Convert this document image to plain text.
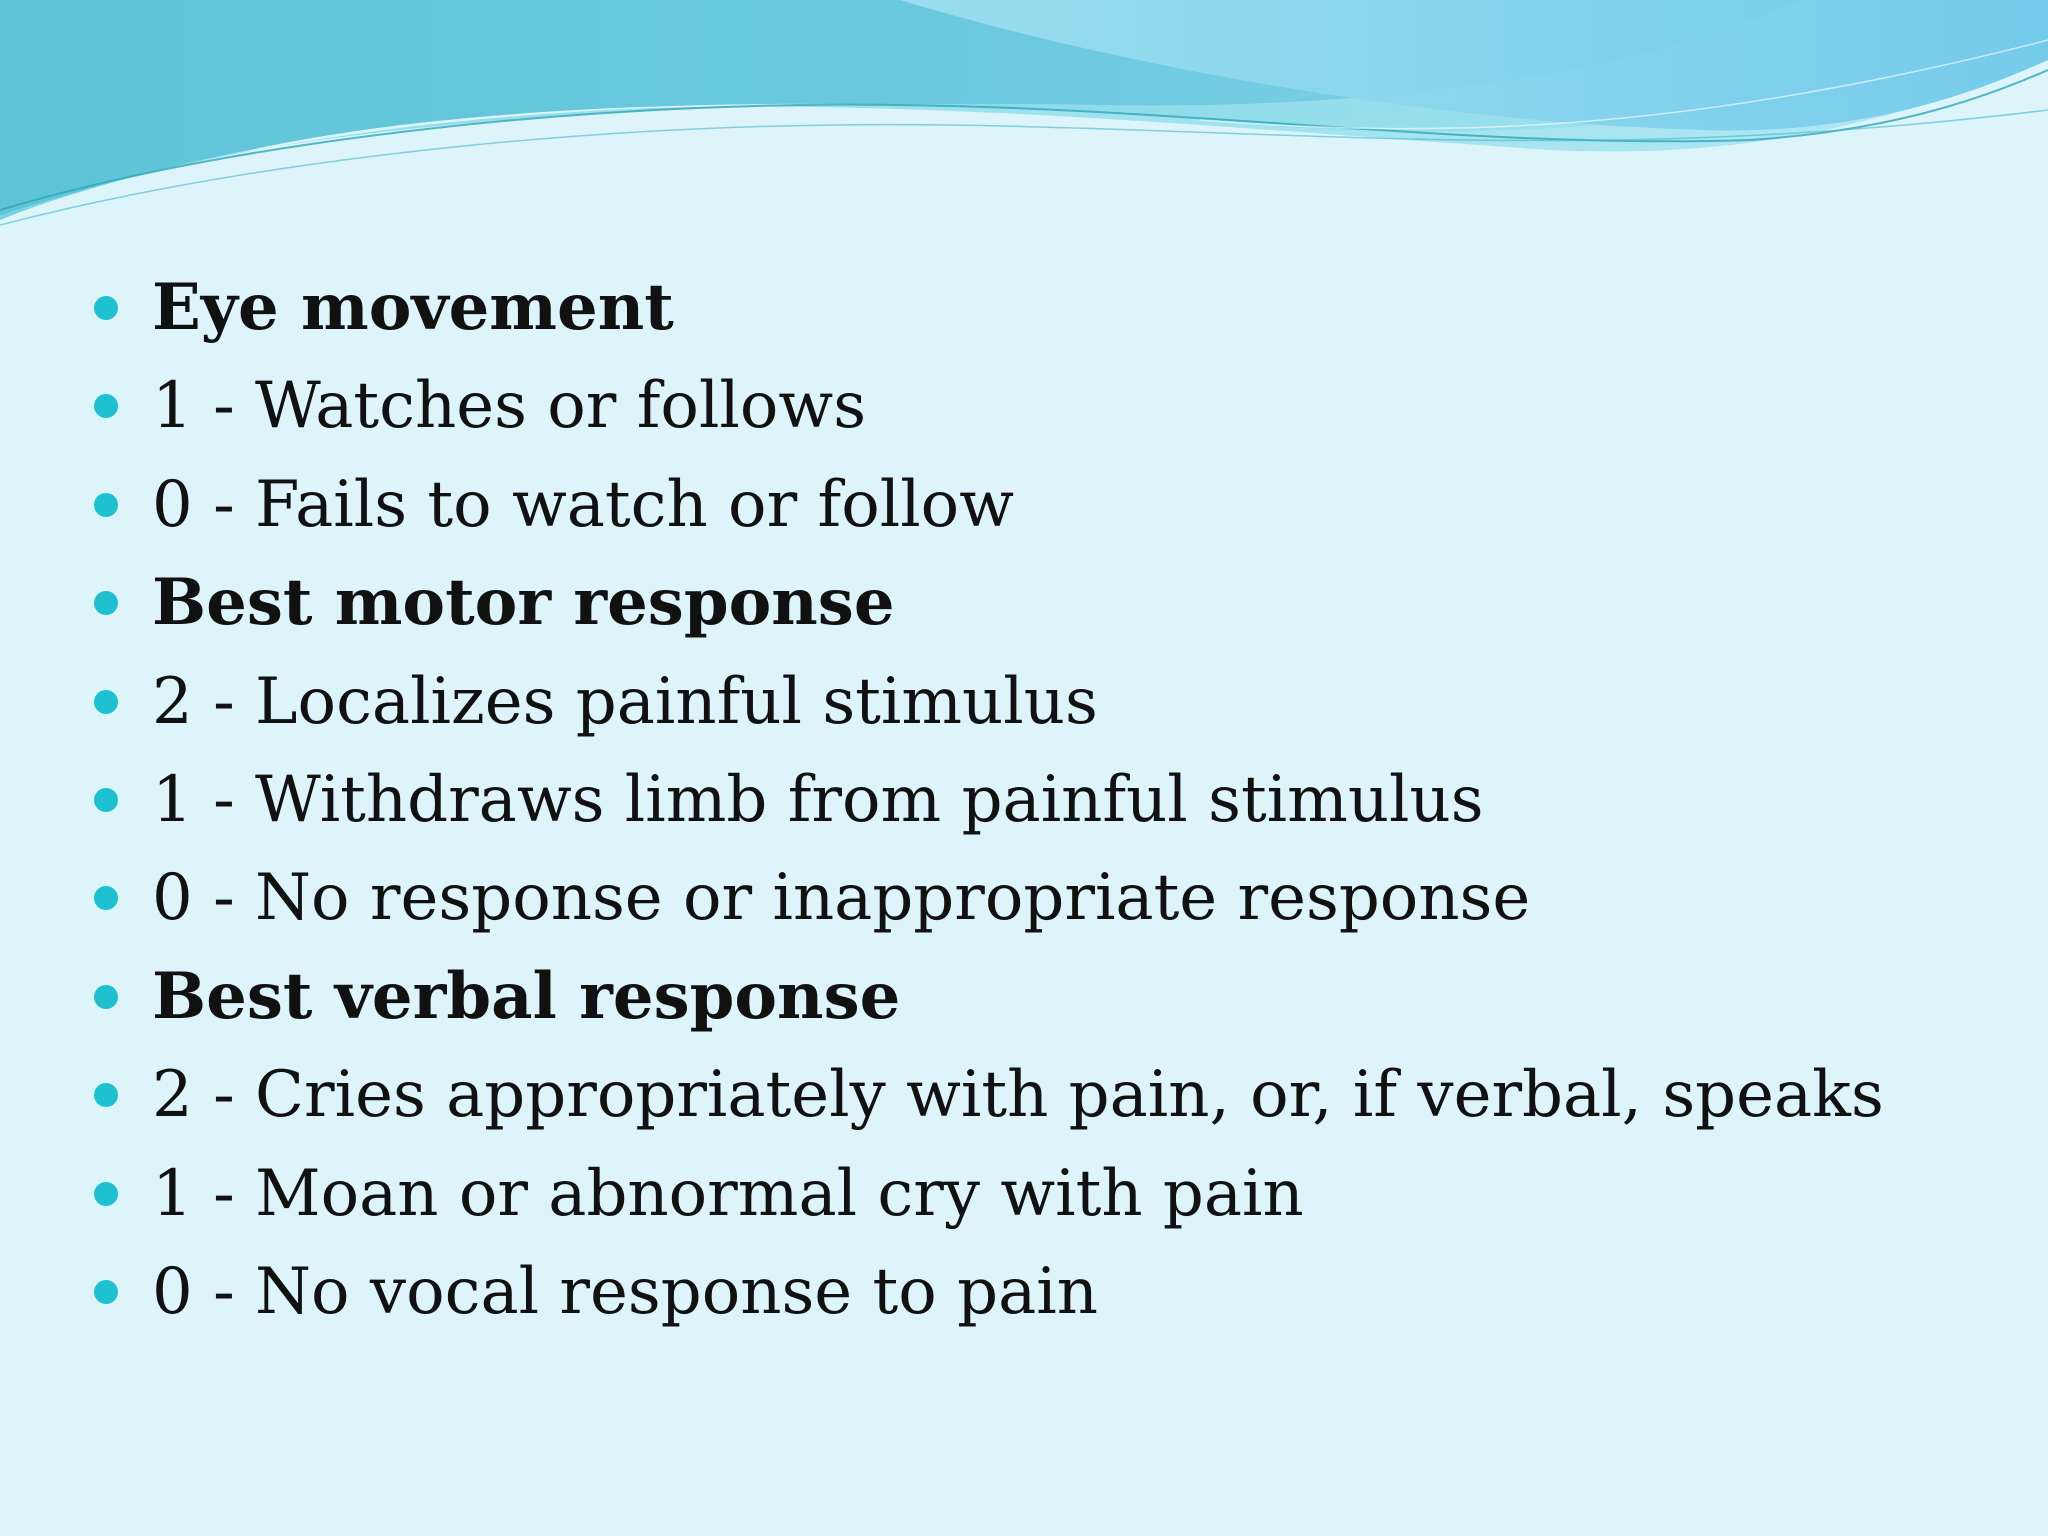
Eye movement
1 - Watches or follows
0 - Fails to watch or follow
Best motor response
2 - Localizes painful stimulus
1 - Withdraws limb from painful stimulus
0 - No response or inappropriate response
Best verbal response
2 - Cries appropriately with pain, or, if verbal, speaks
1 - Moan or abnormal cry with pain
0 - No vocal response to pain
